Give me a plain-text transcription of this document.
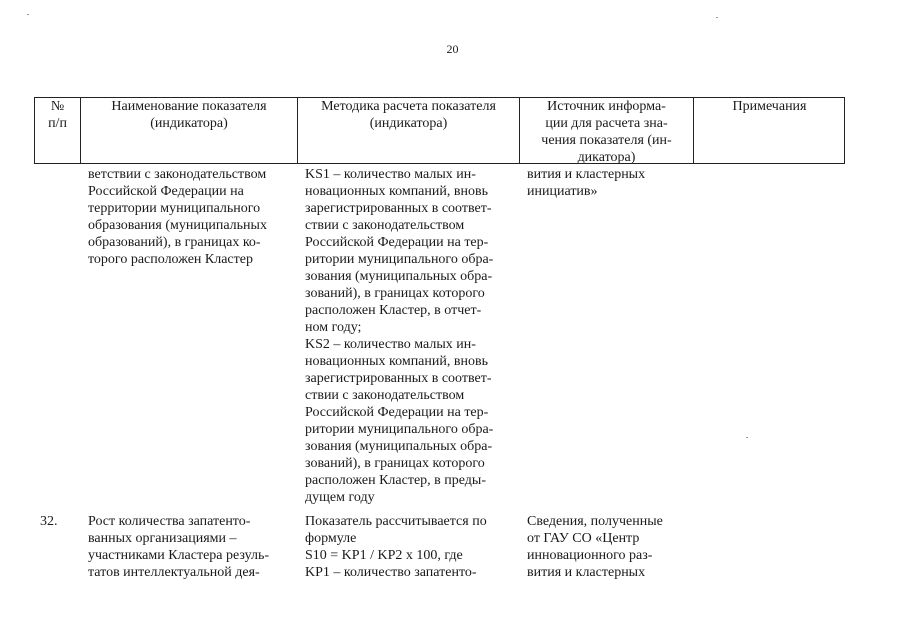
20
№
п/п
Наименование показателя
(индикатора)
Методика расчета показателя
(индикатора)
Источник информа-
ции для расчета зна-
чения показателя (ин-
дикатора)
Примечания
ветствии с законодательством
Российской Федерации на
территории муниципального
образования (муниципальных
образований), в границах ко-
торого расположен Кластер
KS1 – количество малых ин-
новационных компаний, вновь
зарегистрированных в соответ-
ствии с законодательством
Российской Федерации на тер-
ритории муниципального обра-
зования (муниципальных обра-
зований), в границах которого
расположен Кластер, в отчет-
ном году;
KS2 – количество малых ин-
новационных компаний, вновь
зарегистрированных в соответ-
ствии с законодательством
Российской Федерации на тер-
ритории муниципального обра-
зования (муниципальных обра-
зований), в границах которого
расположен Кластер, в преды-
дущем году
вития и кластерных
инициатив»
32. Рост количества запатенто-
ванных организациями –
участниками Кластера резуль-
татов интеллектуальной дея-
Показатель рассчитывается по
формуле
S10 = KP1 / KP2 x 100, где
KP1 – количество запатенто-
Сведения, полученные
от ГАУ СО «Центр
инновационного раз-
вития и кластерных
